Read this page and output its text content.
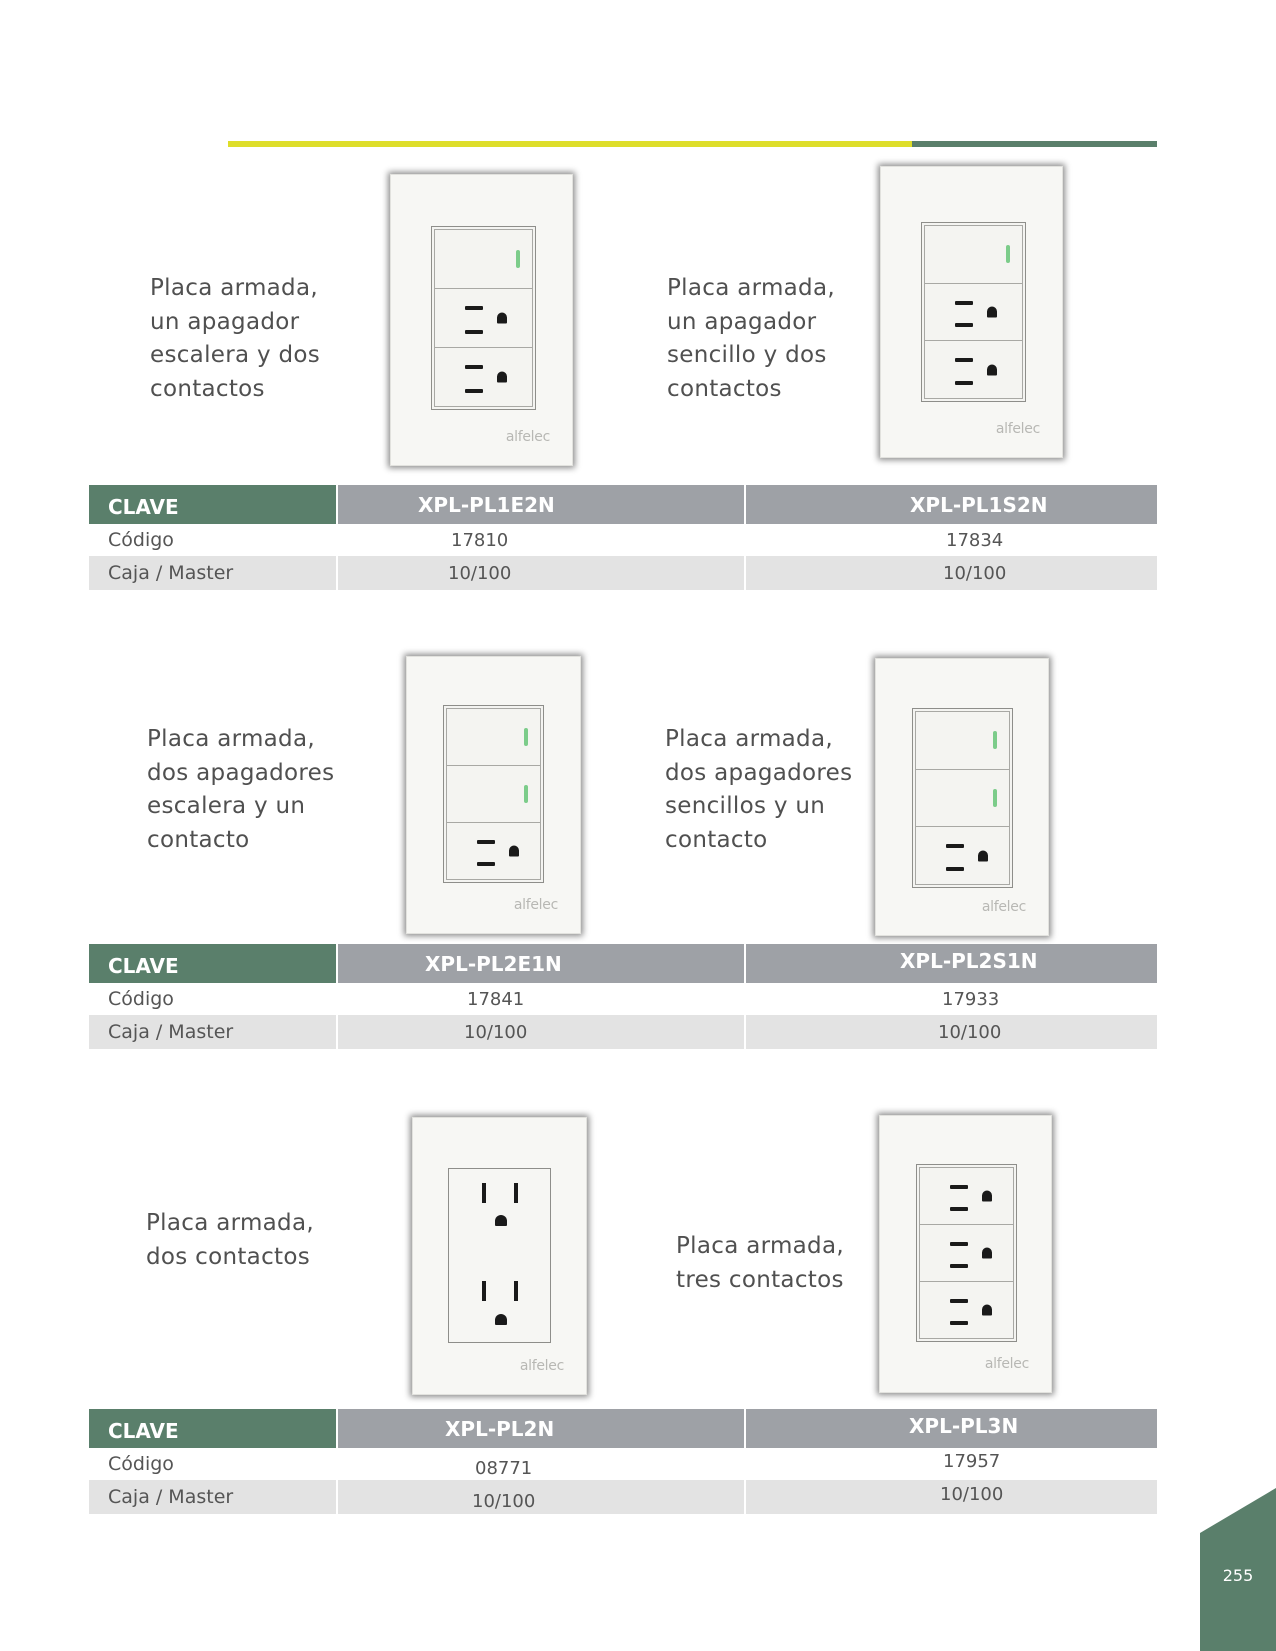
Placa armada,
un apagador
escalera y dos
contactos
alfelec
Placa armada,
un apagador
sencillo y dos
contactos
alfelec
CLAVE	XPL-PL1E2N	XPL-PL1S2N
Código	17810	17834
Caja / Master	10/100	10/100
Placa armada,
dos apagadores
escalera y un
contacto
alfelec
Placa armada,
dos apagadores
sencillos y un
contacto
alfelec
CLAVE	XPL-PL2E1N	XPL-PL2S1N
Código	17841	17933
Caja / Master	10/100	10/100
Placa armada,
dos contactos
alfelec
Placa armada,
tres contactos
alfelec
CLAVE	XPL-PL2N	XPL-PL3N
Código	08771	17957
Caja / Master	10/100	10/100
255
